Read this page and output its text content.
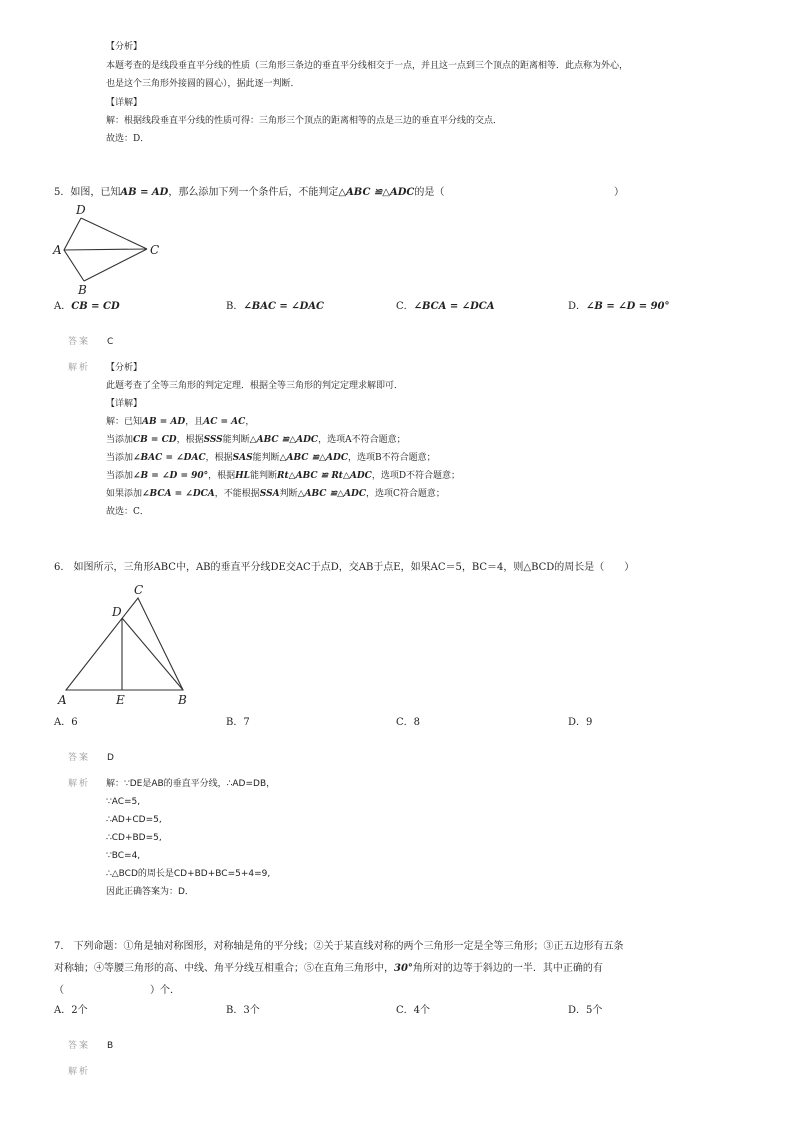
【分析】
本题考查的是线段垂直平分线的性质（三角形三条边的垂直平分线相交于一点，并且这一点到三个顶点的距离相等．此点称为外心，
也是这个三角形外接圆的圆心），据此逐一判断．
【详解】
解：根据线段垂直平分线的性质可得：三角形三个顶点的距离相等的点是三边的垂直平分线的交点．
故选：D．
5．如图，已知AB = AD，那么添加下列一个条件后，不能判定△ABC ≌△ADC的是（	）
D
A	C
B
A．CB = CD	B．∠BAC = ∠DAC	C．∠BCA = ∠DCA	D．∠B = ∠D = 90°
答案 C
解析 【分析】
此题考查了全等三角形的判定定理．根据全等三角形的判定定理求解即可．
【详解】
解：已知AB = AD，且AC = AC，
当添加CB = CD，根据SSS能判断△ABC ≌△ADC，选项A不符合题意；
当添加∠BAC = ∠DAC，根据SAS能判断△ABC ≌△ADC，选项B不符合题意；
当添加∠B = ∠D = 90°，根据HL能判断Rt△ABC ≌ Rt△ADC，选项D不符合题意；
如果添加∠BCA = ∠DCA，不能根据SSA判断△ABC ≌△ADC，选项C符合题意；
故选：C．
6． 如图所示，三角形ABC中，AB的垂直平分线DE交AC于点D，交AB于点E，如果AC＝5，BC＝4，则△BCD的周长是（　　）
C
D
A	E	B
A．6	B．7	C．8	D．9
答案 D
解析 解：∵DE是AB的垂直平分线，∴AD=DB，
∵AC=5,
∴AD+CD=5,
∴CD+BD=5,
∵BC=4,
∴△BCD的周长是CD+BD+BC=5+4=9,
因此正确答案为：D．
7． 下列命题：①角是轴对称图形，对称轴是角的平分线；②关于某直线对称的两个三角形一定是全等三角形；③正五边形有五条
对称轴；④等腰三角形的高、中线、角平分线互相重合；⑤在直角三角形中，30°角所对的边等于斜边的一半．其中正确的有
（	）个．
A．2个	B．3个	C．4个	D．5个
答案 B
解析
